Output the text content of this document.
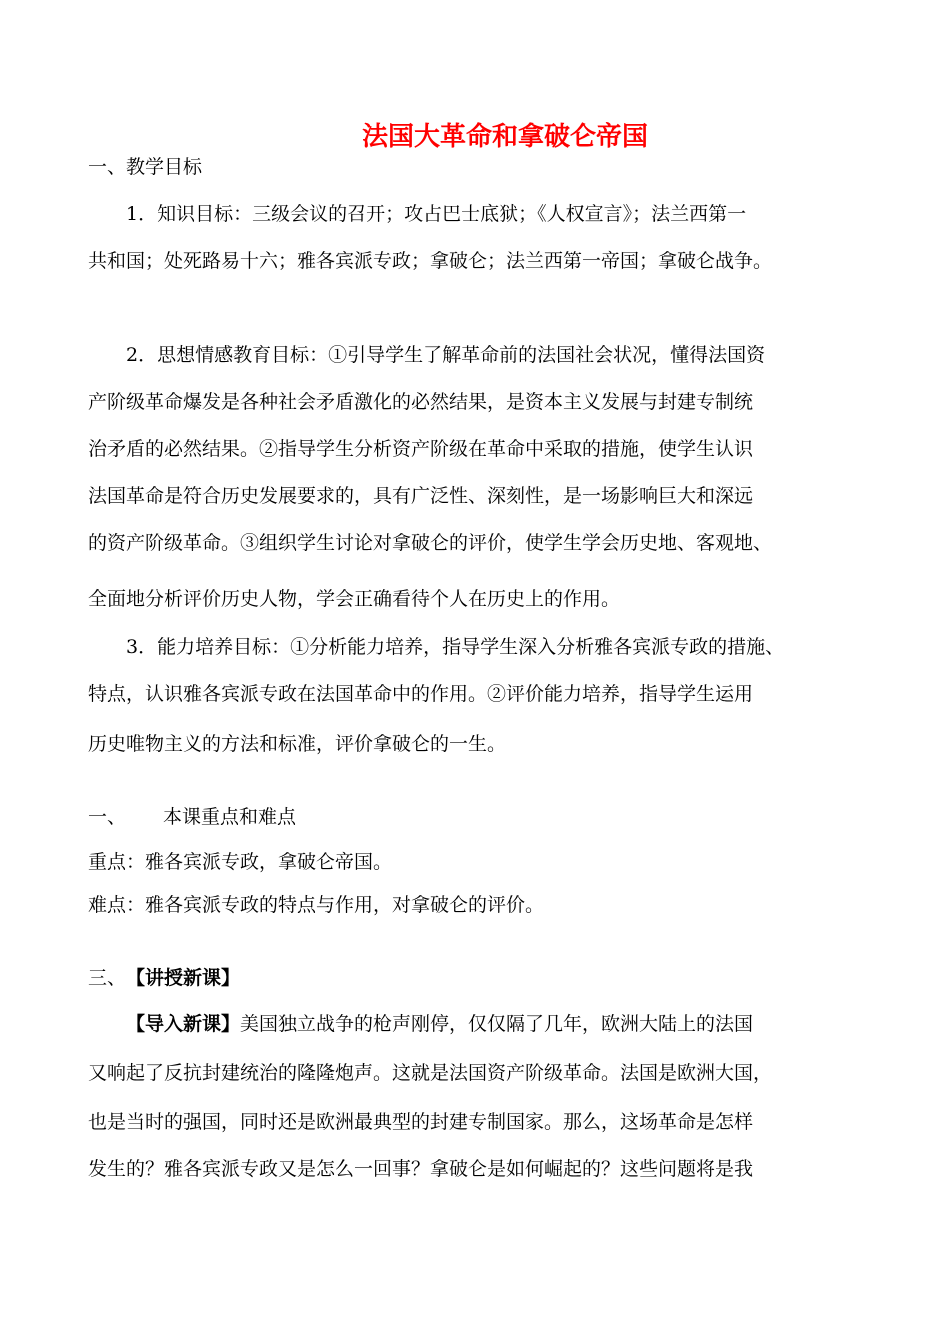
法国大革命和拿破仑帝国
一、教学目标
1．知识目标：三级会议的召开；攻占巴士底狱；《人权宣言》；法兰西第一
共和国；处死路易十六；雅各宾派专政；拿破仑；法兰西第一帝国；拿破仑战争。
2．思想情感教育目标：①引导学生了解革命前的法国社会状况，懂得法国资
产阶级革命爆发是各种社会矛盾激化的必然结果，是资本主义发展与封建专制统
治矛盾的必然结果。②指导学生分析资产阶级在革命中采取的措施，使学生认识
法国革命是符合历史发展要求的，具有广泛性、深刻性，是一场影响巨大和深远
的资产阶级革命。③组织学生讨论对拿破仑的评价，使学生学会历史地、客观地、
全面地分析评价历史人物，学会正确看待个人在历史上的作用。
3．能力培养目标：①分析能力培养，指导学生深入分析雅各宾派专政的措施、
特点，认识雅各宾派专政在法国革命中的作用。②评价能力培养，指导学生运用
历史唯物主义的方法和标准，评价拿破仑的一生。
一、 本课重点和难点
重点：雅各宾派专政，拿破仑帝国。
难点：雅各宾派专政的特点与作用，对拿破仑的评价。
三、 【讲授新课】
【导入新课】美国独立战争的枪声刚停，仅仅隔了几年，欧洲大陆上的法国
又响起了反抗封建统治的隆隆炮声。这就是法国资产阶级革命。法国是欧洲大国，
也是当时的强国，同时还是欧洲最典型的封建专制国家。那么，这场革命是怎样
发生的？雅各宾派专政又是怎么一回事？拿破仑是如何崛起的？这些问题将是我
